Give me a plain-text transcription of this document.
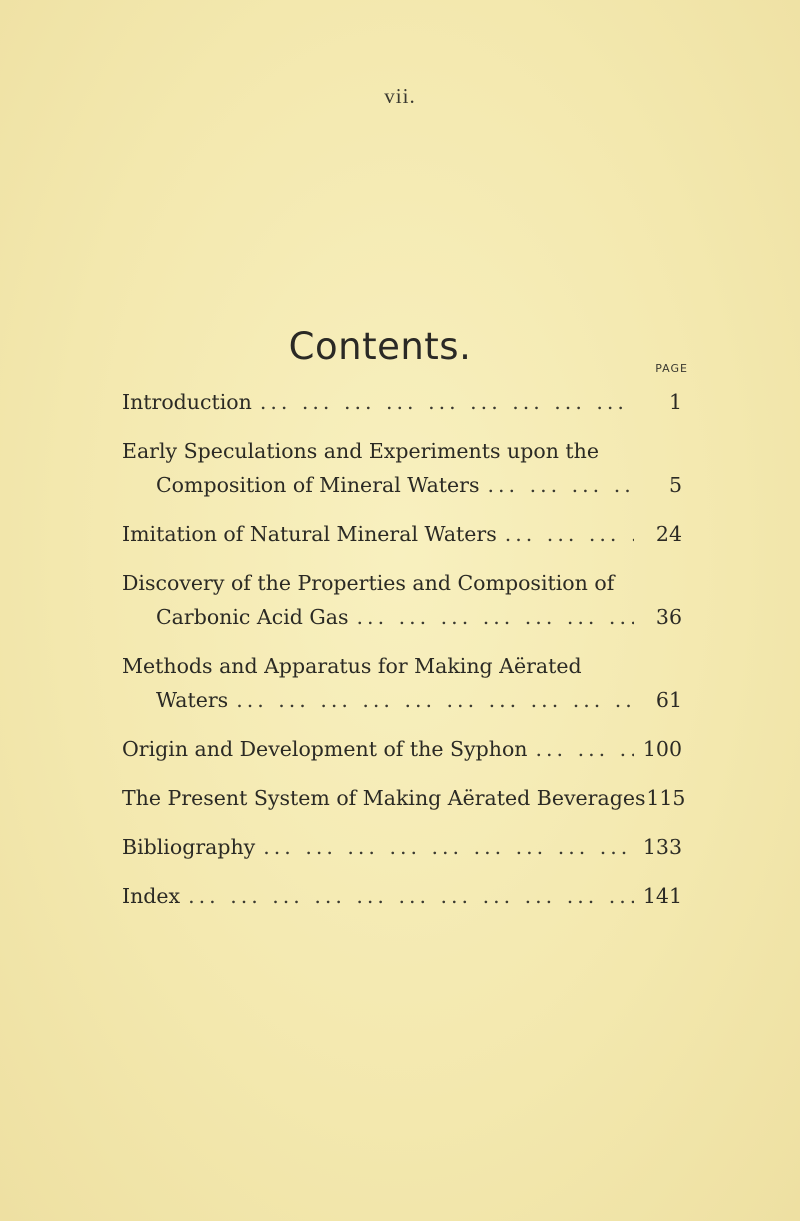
vii.
Contents.
PAGE
Introduction ... .	1
Early Speculations and Experiments upon the
Composition of Mineral Waters ... .	5
Imitation of Natural Mineral Waters ... .	24
Discovery of the Properties and Composition of
Carbonic Acid Gas ... .	36
Methods and Apparatus for Making Aërated
Waters ... .	61
Origin and Development of the Syphon ... .	100
The Present System of Making Aërated Beverages 115
Bibliography ... .	133
Index ... .	141
